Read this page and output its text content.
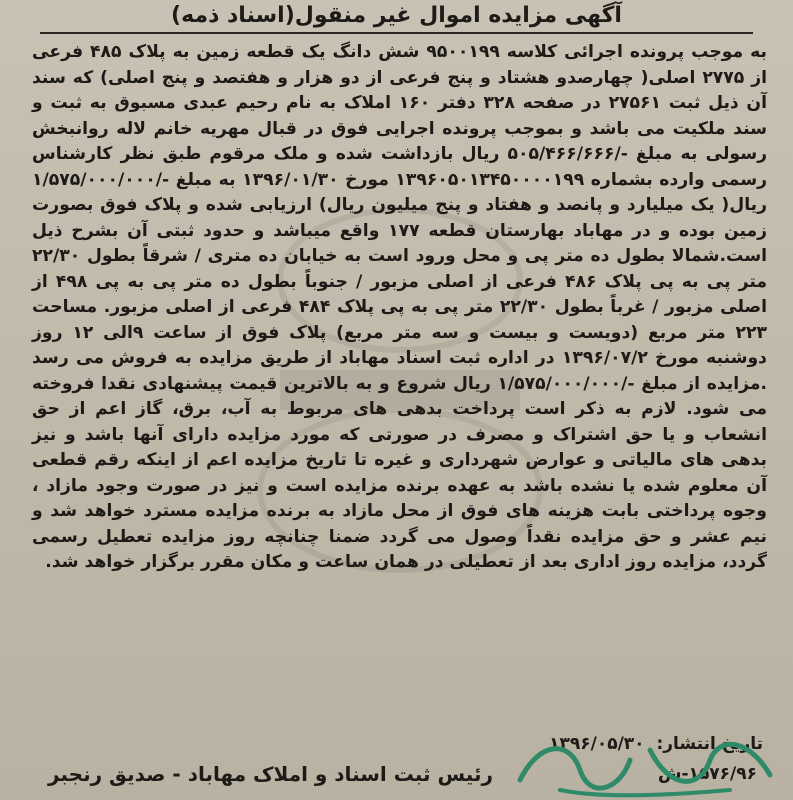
آگهی مزایده اموال غیر منقول(اسناد ذمه)

به موجب پرونده اجرائی کلاسه ۹۵۰۰۱۹۹ شش دانگ یک قطعه زمین به پلاک ۴۸۵ فرعی از ۲۷۷۵ اصلی( چهارصدو هشتاد و پنج فرعی از دو هزار و هفتصد و پنج اصلی) که سند آن ذیل ثبت ۲۷۵۶۱ در صفحه ۳۲۸ دفتر ۱۶۰ املاک به نام رحیم عبدی مسبوق به ثبت و سند ملکیت می باشد و بموجب پرونده اجرایی فوق در قبال مهریه خانم لاله روانبخش رسولی به مبلغ -/۵۰۵/۴۶۶/۶۶۶ ریال بازداشت شده و ملک مرقوم طبق نظر کارشناس رسمی وارده بشماره ۱۳۹۶۰۵۰۱۳۴۵۰۰۰۰۱۹۹ مورخ ۱۳۹۶/۰۱/۳۰ به مبلغ -/۱/۵۷۵/۰۰۰/۰۰۰ ریال( یک میلیارد و پانصد و هفتاد و پنج میلیون ریال) ارزیابی شده و پلاک فوق بصورت زمین بوده و در مهاباد بهارستان قطعه ۱۷۷ واقع میباشد و حدود ثبتی آن بشرح ذیل است.شمالا بطول ده متر پی و محل ورود است به خیابان ده متری / شرقاً بطول ۲۲/۳۰ متر پی به پی پلاک ۴۸۶ فرعی از اصلی مزبور / جنوباً بطول ده متر پی به پی ۴۹۸ از اصلی مزبور / غرباً بطول ۲۲/۳۰ متر پی به پی پلاک ۴۸۴ فرعی از اصلی مزبور. مساحت ۲۲۳ متر مربع (دویست و بیست و سه متر مربع) پلاک فوق از ساعت ۹الی ۱۲ روز دوشنبه مورخ ۱۳۹۶/۰۷/۲ در اداره ثبت اسناد مهاباد از طریق مزایده به فروش می رسد .مزایده از مبلغ -/۱/۵۷۵/۰۰۰/۰۰۰ ریال شروع و به بالاترین قیمت پیشنهادی نقدا فروخته می شود. لازم به ذکر است پرداخت بدهی های مربوط به آب، برق، گاز اعم از حق انشعاب و یا حق اشتراک و مصرف در صورتی که مورد مزایده دارای آنها باشد و نیز بدهی های مالیاتی و عوارض شهرداری و غیره تا تاریخ مزایده اعم از اینکه رقم قطعی آن معلوم شده یا نشده باشد به عهده برنده مزایده است و نیز در صورت وجود مازاد ، وجوه پرداختی بابت هزینه های فوق از محل مازاد به برنده مزایده مسترد خواهد شد و نیم عشر و حق مزایده نقداً وصول می گردد ضمنا چنانچه روز مزایده تعطیل رسمی گردد، مزایده روز اداری بعد از تعطیلی در همان ساعت و مکان مقرر برگزار خواهد شد.

تاریخ انتشار: ۱۳۹۶/۰۵/۳۰
رئیس ثبت اسناد و املاک مهاباد - صدیق رنجبر	۱۵۷۶/۹۶-ش
